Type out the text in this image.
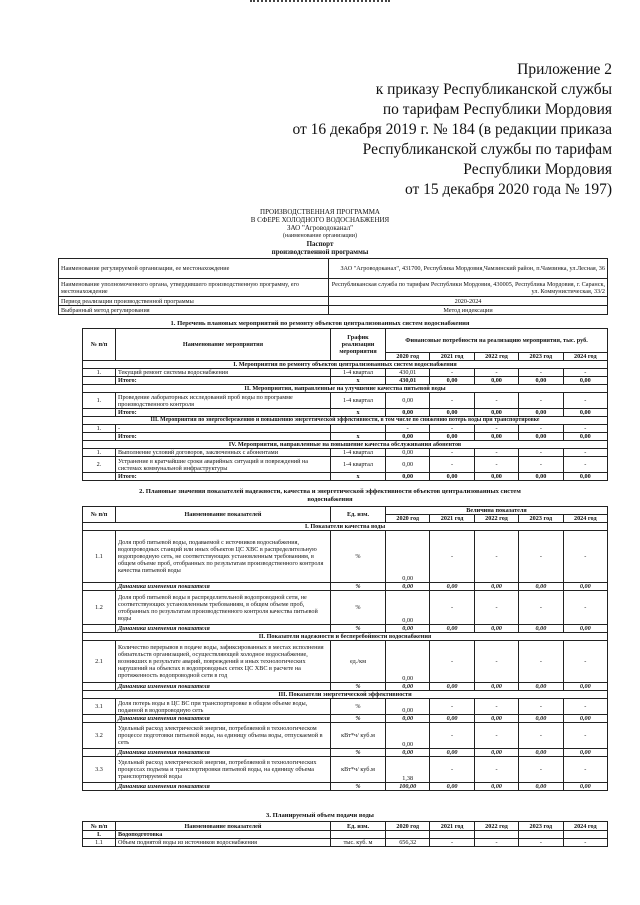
Приложение 2
к приказу Республиканской службы
по тарифам Республики Мордовия
от 16 декабря 2019 г. № 184 (в редакции приказа
Республиканской службы по тарифам
Республики Мордовия
от 15 декабря 2020 года № 197)
ПРОИЗВОДСТВЕННАЯ ПРОГРАММА
В СФЕРЕ ХОЛОДНОГО ВОДОСНАБЖЕНИЯ
ЗАО "Агроводоканал"
(наименование организации)
Паспорт
производственной программы
Наименование регулируемой организации, ее местонахождение	ЗАО "Агроводоканал", 431700, Республика Мордовия,Чамзинский район, п.Чамзинка, ул.Лесная, 36
Наименование уполномоченного органа, утвердившего производственную программу, его местонахождение	Республиканская служба по тарифам Республики Мордовия, 430005, Республика Мордовия, г. Саранск, ул. Коммунистическая, 33/2
Период реализации производственной программы	2020-2024
Выбранный метод регулирования	Метод индексации
1. Перечень плановых мероприятий по ремонту объектов централизованных систем водоснабжения
№ п/п	Наименование мероприятия	График реализации мероприятия	Финансовые потребности на реализацию мероприятия, тыс. руб.				
			2020 год	2021 год	2022 год	2023 год	2024 год
I. Мероприятия по ремонту объектов централизованных систем водоснабжения							
1.	Текущий ремонт системы водоснабжения	1-4 квартал	430,01	-	-	-	-
	Итого:	x	430,01	0,00	0,00	0,00	0,00
II. Мероприятия, направленные на улучшение качества питьевой воды							
1.	Проведение лабораторных исследований проб воды по программе производственного контроля	1-4 квартал	0,00	-	-	-	-
	Итого:	x	0,00	0,00	0,00	0,00	0,00
III. Мероприятия по энергосбережению и повышению энергетической эффективности, в том числе по снижению потерь воды при транспортировке							
1.	-		-	-	-	-	-
	Итого:	x	0,00	0,00	0,00	0,00	0,00
IV. Мероприятия, направленные на повышение качества обслуживания абонентов							
1.	Выполнение условий договоров, заключенных с абонентами	1-4 квартал	0,00	-	-	-	-
2.	Устранение в кратчайшие сроки аварийных ситуаций и повреждений на системах коммунальной инфраструктуры	1-4 квартал	0,00	-	-	-	-
	Итого:	x	0,00	0,00	0,00	0,00	0,00
2. Плановые значения показателей надежности, качества и энергетической эффективности объектов централизованных систем водоснабжения
№ п/п	Наименование показателей	Ед. изм.	Величина показателя				
			2020 год	2021 год	2022 год	2023 год	2024 год
I. Показатели качества воды							
1.1	Доля проб питьевой воды, подаваемой с источников водоснабжения, водопроводных станций или иных объектов ЦС ХВС в распределительную водопроводную сеть, не соответствующих установленным требованиям, в общем объеме проб, отобранных по результатам производственного контроля качества питьевой воды	%	0,00	-	-	-	-
	Динамика изменения показателя	%	0,00	0,00	0,00	0,00	0,00
1.2	Доля проб питьевой воды в распределительной водопроводной сети, не соответствующих установленным требованиям, в общем объеме проб, отобранных по результатам производственного контроля качества питьевой воды	%	0,00	-	-	-	-
	Динамика изменения показателя	%	0,00	0,00	0,00	0,00	0,00
II. Показатели надежности и бесперебойности водоснабжения							
2.1	Количество перерывов в подаче воды, зафиксированных в местах исполнения обязательств организацией, осуществляющей холодное водоснабжение, возникших в результате аварий, повреждений и иных технологических нарушений на объектах в водопроводных сетях ЦС ХВС в расчете на протяженность водопроводной сети в год	ед./км	0,00	-	-	-	-
	Динамика изменения показателя	%	0,00	0,00	0,00	0,00	0,00
III. Показатели энергетической эффективности							
3.1	Доля потерь воды в ЦС ВС при транспортировке в общем объеме воды, поданной в водопроводную сеть	%	0,00	-	-	-	-
	Динамика изменения показателя	%	0,00	0,00	0,00	0,00	0,00
3.2	Удельный расход электрической энергии, потребляемой в технологическом процессе подготовки питьевой воды, на единицу объема воды, отпускаемой в сеть	кВт*ч/ куб.м	0,00	-	-	-	-
	Динамика изменения показателя	%	0,00	0,00	0,00	0,00	0,00
3.3	Удельный расход электрической энергии, потребляемой в технологических процессах подъема и транспортировки питьевой воды, на единицу объема транспортируемой воды	кВт*ч/ куб.м	1,38	-	-	-	-
	Динамика изменения показателя	%	100,00	0,00	0,00	0,00	0,00
3. Планируемый объем подачи воды
№ п/п	Наименование показателей	Ед. изм.	2020 год	2021 год	2022 год	2023 год	2024 год
I.	Водоподготовка						
1.1	Объем поднятой воды из источников водоснабжения	тыс. куб. м	656,32	-	-	-	-
